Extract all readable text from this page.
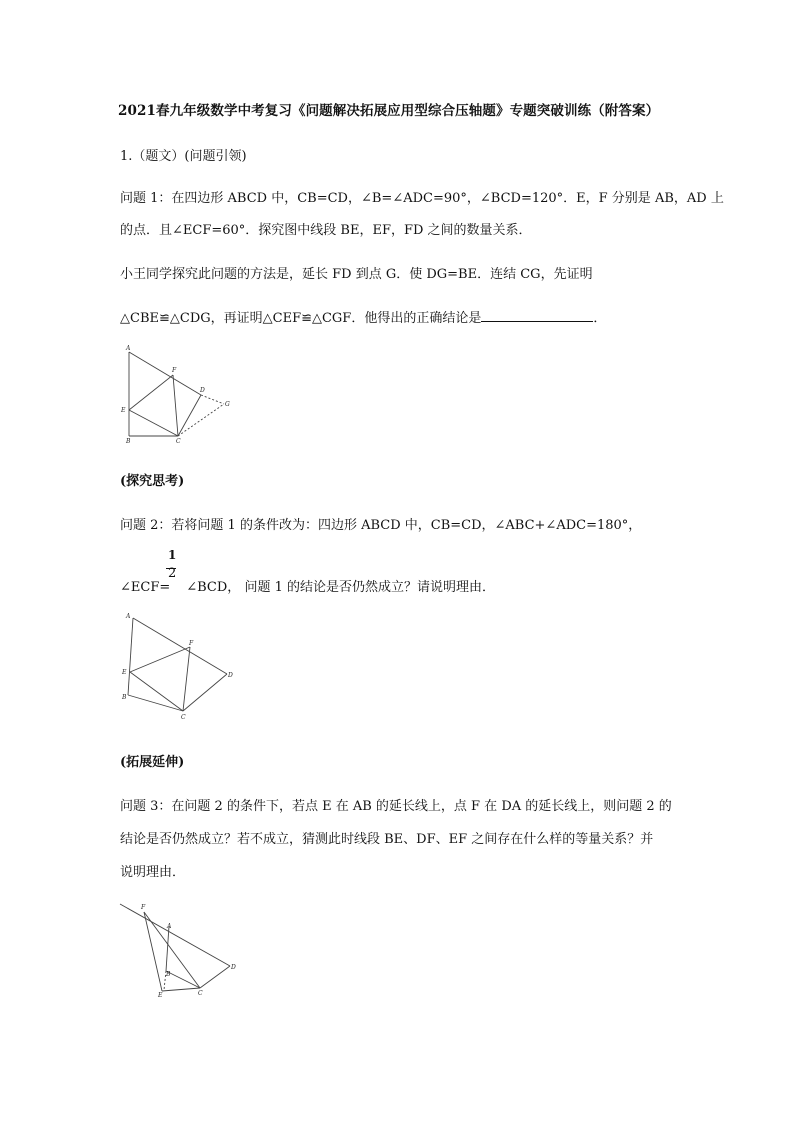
2021春九年级数学中考复习《问题解决拓展应用型综合压轴题》专题突破训练（附答案）
1.（题文）(问题引领)
问题 1：在四边形 ABCD 中，CB=CD，∠B=∠ADC=90°，∠BCD=120°．E，F 分别是 AB，AD 上
的点．且∠ECF=60°．探究图中线段 BE，EF，FD 之间的数量关系．
小王同学探究此问题的方法是，延长 FD 到点 G．使 DG=BE．连结 CG，先证明
△CBE≌△CDG，再证明△CEF≌△CGF．他得出的正确结论是	．
A
E
B	C
F
D
G
(探究思考)
问题 2：若将问题 1 的条件改为：四边形 ABCD 中，CB=CD，∠ABC+∠ADC=180°，
1
2
∠ECF= ∠BCD， 问题 1 的结论是否仍然成立？请说明理由．
A
E
B
C
F
D
(拓展延伸)
问题 3：在问题 2 的条件下，若点 E 在 AB 的延长线上，点 F 在 DA 的延长线上，则问题 2 的
结论是否仍然成立？若不成立，猜测此时线段 BE、DF、EF 之间存在什么样的等量关系？并
说明理由．
F
A
B
E	C
D
